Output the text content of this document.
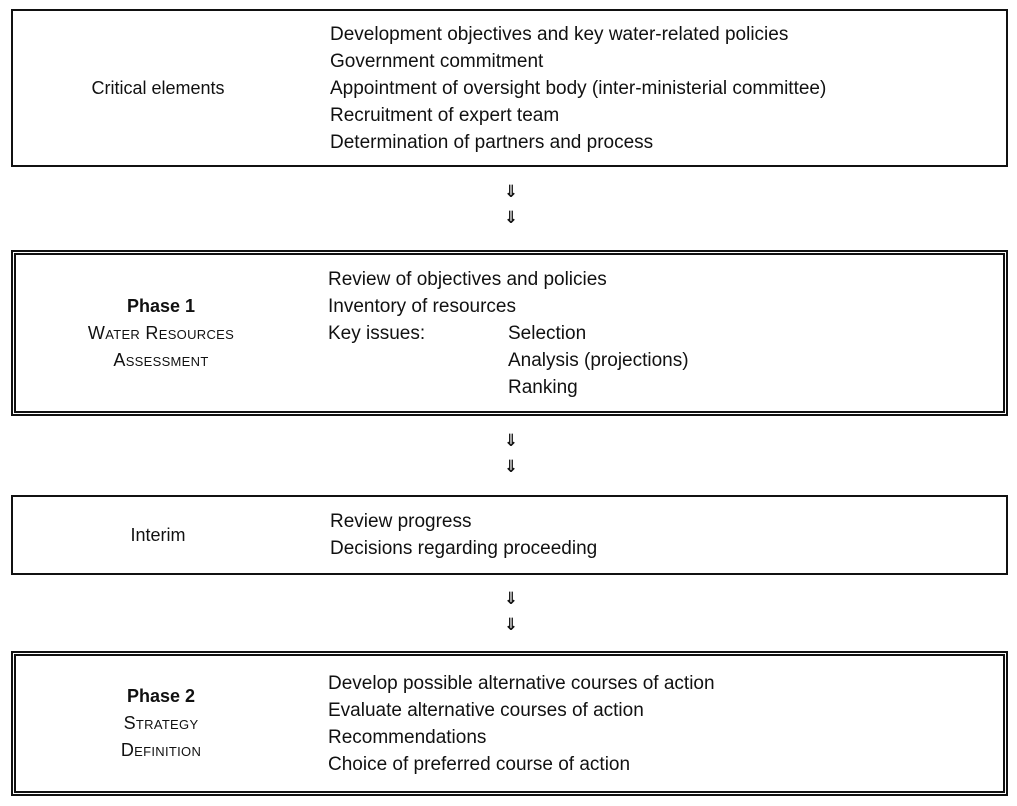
Critical elements
Development objectives and key water-related policies
Government commitment
Appointment of oversight body (inter-ministerial committee)
Recruitment of expert team
Determination of partners and process
⇓
⇓
Phase 1
Water Resources
Assessment
Review of objectives and policies
Inventory of resources
Key issues:	Selection
Analysis (projections)
Ranking
⇓
⇓
Interim
Review progress
Decisions regarding proceeding
⇓
⇓
Phase 2
Strategy
Definition
Develop possible alternative courses of action
Evaluate alternative courses of action
Recommendations
Choice of preferred course of action
